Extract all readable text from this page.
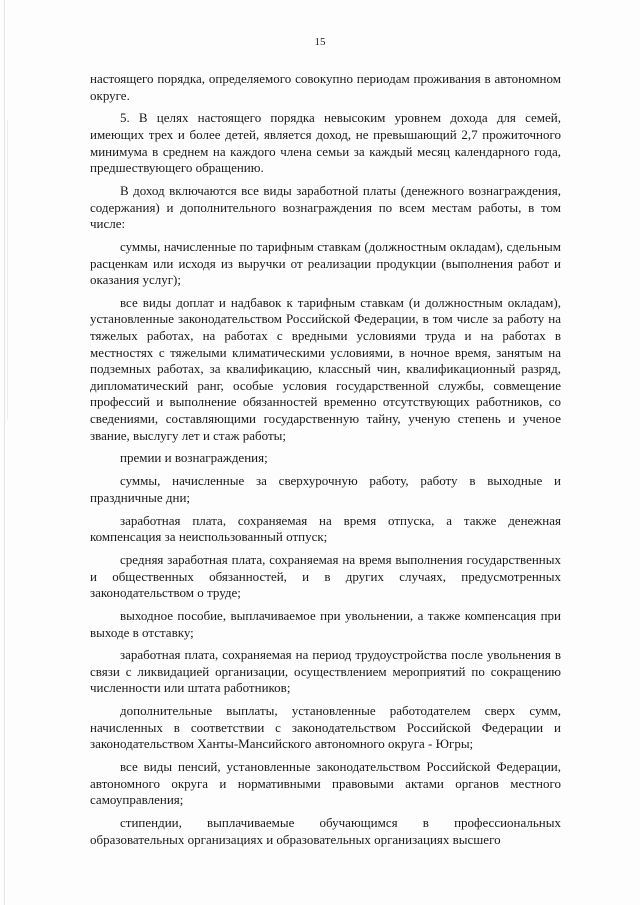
15

настоящего порядка, определяемого совокупно периодам проживания в автономном округе.

5. В целях настоящего порядка невысоким уровнем дохода для семей, имеющих трех и более детей, является доход, не превышающий 2,7 прожиточного минимума в среднем на каждого члена семьи за каждый месяц календарного года, предшествующего обращению.

В доход включаются все виды заработной платы (денежного вознаграждения, содержания) и дополнительного вознаграждения по всем местам работы, в том числе:

суммы, начисленные по тарифным ставкам (должностным окладам), сдельным расценкам или исходя из выручки от реализации продукции (выполнения работ и оказания услуг);

все виды доплат и надбавок к тарифным ставкам (и должностным окладам), установленные законодательством Российской Федерации, в том числе за работу на тяжелых работах, на работах с вредными условиями труда и на работах в местностях с тяжелыми климатическими условиями, в ночное время, занятым на подземных работах, за квалификацию, классный чин, квалификационный разряд, дипломатический ранг, особые условия государственной службы, совмещение профессий и выполнение обязанностей временно отсутствующих работников, со сведениями, составляющими государственную тайну, ученую степень и ученое звание, выслугу лет и стаж работы;

премии и вознаграждения;

суммы, начисленные за сверхурочную работу, работу в выходные и праздничные дни;

заработная плата, сохраняемая на время отпуска, а также денежная компенсация за неиспользованный отпуск;

средняя заработная плата, сохраняемая на время выполнения государственных и общественных обязанностей, и в других случаях, предусмотренных законодательством о труде;

выходное пособие, выплачиваемое при увольнении, а также компенсация при выходе в отставку;

заработная плата, сохраняемая на период трудоустройства после увольнения в связи с ликвидацией организации, осуществлением мероприятий по сокращению численности или штата работников;

дополнительные выплаты, установленные работодателем сверх сумм, начисленных в соответствии с законодательством Российской Федерации и законодательством Ханты-Мансийского автономного округа - Югры;

все виды пенсий, установленные законодательством Российской Федерации, автономного округа и нормативными правовыми актами органов местного самоуправления;

стипендии, выплачиваемые обучающимся в профессиональных образовательных организациях и образовательных организациях высшего
